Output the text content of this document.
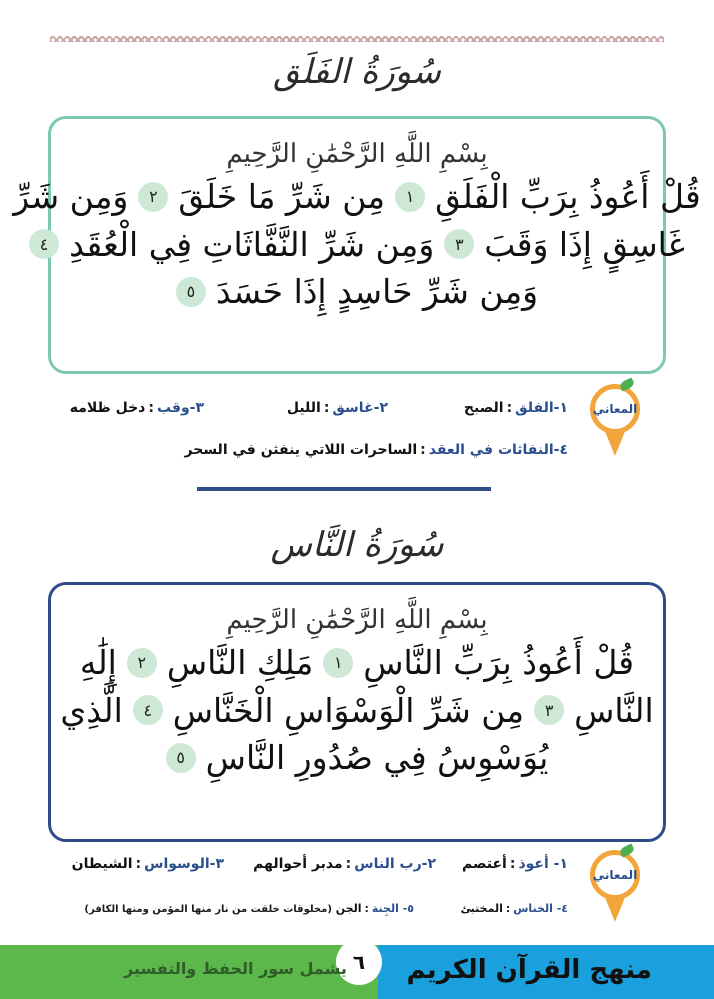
سُورَةُ الفَلَق
بِسْمِ اللَّهِ الرَّحْمَٰنِ الرَّحِيمِ
قُلْ أَعُوذُ بِرَبِّ الْفَلَقِ
١
مِن شَرِّ مَا خَلَقَ
٢
وَمِن شَرِّ
غَاسِقٍ إِذَا وَقَبَ
٣
وَمِن شَرِّ النَّفَّاثَاتِ فِي الْعُقَدِ
٤
وَمِن شَرِّ حَاسِدٍ إِذَا حَسَدَ
٥
المعاني
١-الفلق:الصبح
٢-غاسق:الليل
٣-وقب:دخل ظلامه
٤-النفاثات في العقد:الساحرات اللاتي ينفثن في السحر
سُورَةُ النَّاس
بِسْمِ اللَّهِ الرَّحْمَٰنِ الرَّحِيمِ
قُلْ أَعُوذُ بِرَبِّ النَّاسِ
١
مَلِكِ النَّاسِ
٢
إِلَٰهِ
النَّاسِ
٣
مِن شَرِّ الْوَسْوَاسِ الْخَنَّاسِ
٤
الَّذِي
يُوَسْوِسُ فِي صُدُورِ النَّاسِ
٥
المعاني
١- أعوذ:أعتصم
٢-رب الناس:مدبر أحوالهم
٣-الوسواس:الشيطان
٤- الخناس:المختبئ
٥- الجِنة:الجن (مخلوقات خلقت من نار منها المؤمن ومنها الكافر)
منهج القرآن الكريم
٦
يشمل سور الحفظ والتفسير
